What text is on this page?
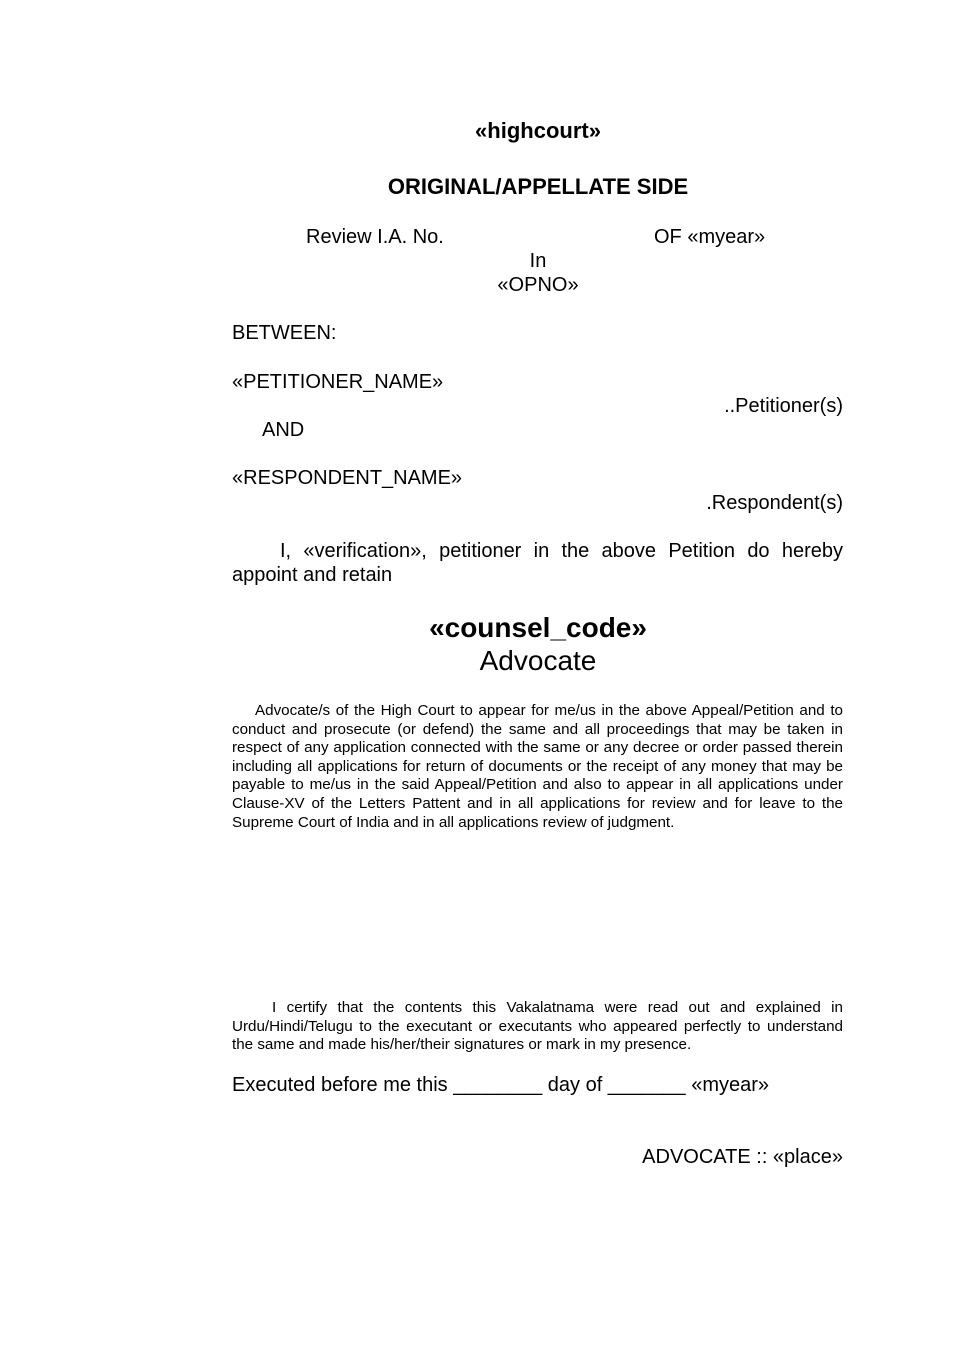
«highcourt»
ORIGINAL/APPELLATE SIDE
Review I.A. No.	OF «myear»
In
«OPNO»
BETWEEN:
«PETITIONER_NAME»
..Petitioner(s)
AND
«RESPONDENT_NAME»
.Respondent(s)
I, «verification», petitioner in the above Petition do hereby appoint and retain
«counsel_code»
Advocate
Advocate/s of the High Court to appear for me/us in the above Appeal/Petition and to conduct and prosecute (or defend) the same and all proceedings that may be taken in respect of any application connected with the same or any decree or order passed therein including all applications for return of documents or the receipt of any money that may be payable to me/us in the said Appeal/Petition and also to appear in all applications under Clause-XV of the Letters Pattent and in all applications for review and for leave to the Supreme Court of India and in all applications review of judgment.
I certify that the contents this Vakalatnama were read out and explained in Urdu/Hindi/Telugu to the executant or executants who appeared perfectly to understand the same and made his/her/their signatures or mark in my presence.
Executed before me this ________ day of _______ «myear»
ADVOCATE :: «place»
